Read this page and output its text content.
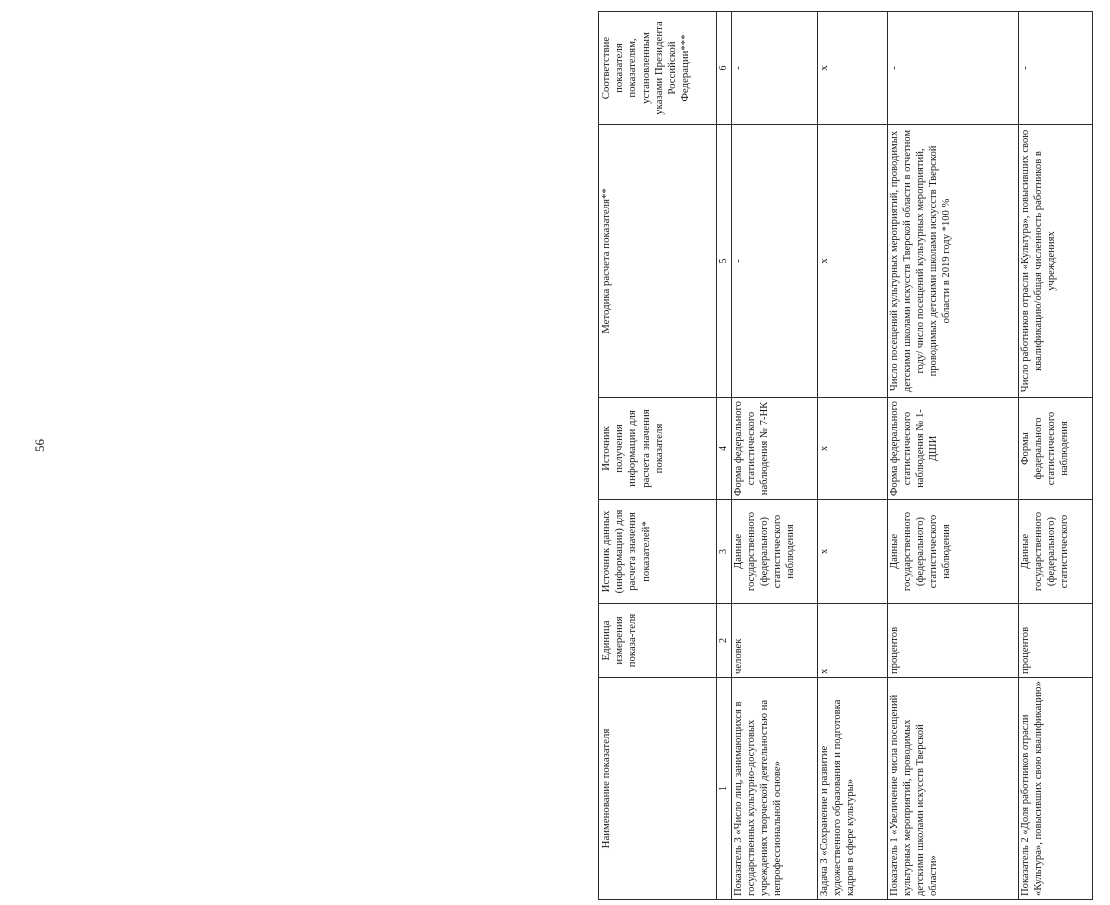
56
Наименование показателя	Единица измерения показа-теля	Источник данных (информации) для расчета значения показателей*	Источник получения информации для расчета значения показателя	Методика расчета показателя**	Соответствие показателя показателям, установленным указами Президента Российской Федерации***
1	2	3	4	5	6
Показатель 3 «Число лиц, занимающихся в государственных культурно-досуговых учреждениях творческой деятельностью на непрофессиональной основе»	человек	Данные государственного (федерального) статистического наблюдения	Форма федерального статистического наблюдения № 7-НК	-	-
Задача 3 «Сохранение и развитие художественного образования и подготовка кадров в сфере культуры»	x	x	x	x	x
Показатель 1 «Увеличение числа посещений культурных мероприятий, проводимых детскими школами искусств Тверской области»	процентов	Данные государственного (федерального) статистического наблюдения	Форма федерального статистического наблюдения № 1-ДШИ	Число посещений культурных мероприятий, проводимых детскими школами искусств Тверской области в отчетном году/ число посещений культурных мероприятий, проводимых детскими школами искусств Тверской области в 2019 году *100 %	-
Показатель 2 «Доля работников отрасли «Культура», повысивших свою квалификацию»	процентов	Данные государственного (федерального) статистического	Формы федерального статистического наблюдения	Число работников отрасли «Культура», повысивших свою квалификацию/общая численность работников в учреждениях	-
